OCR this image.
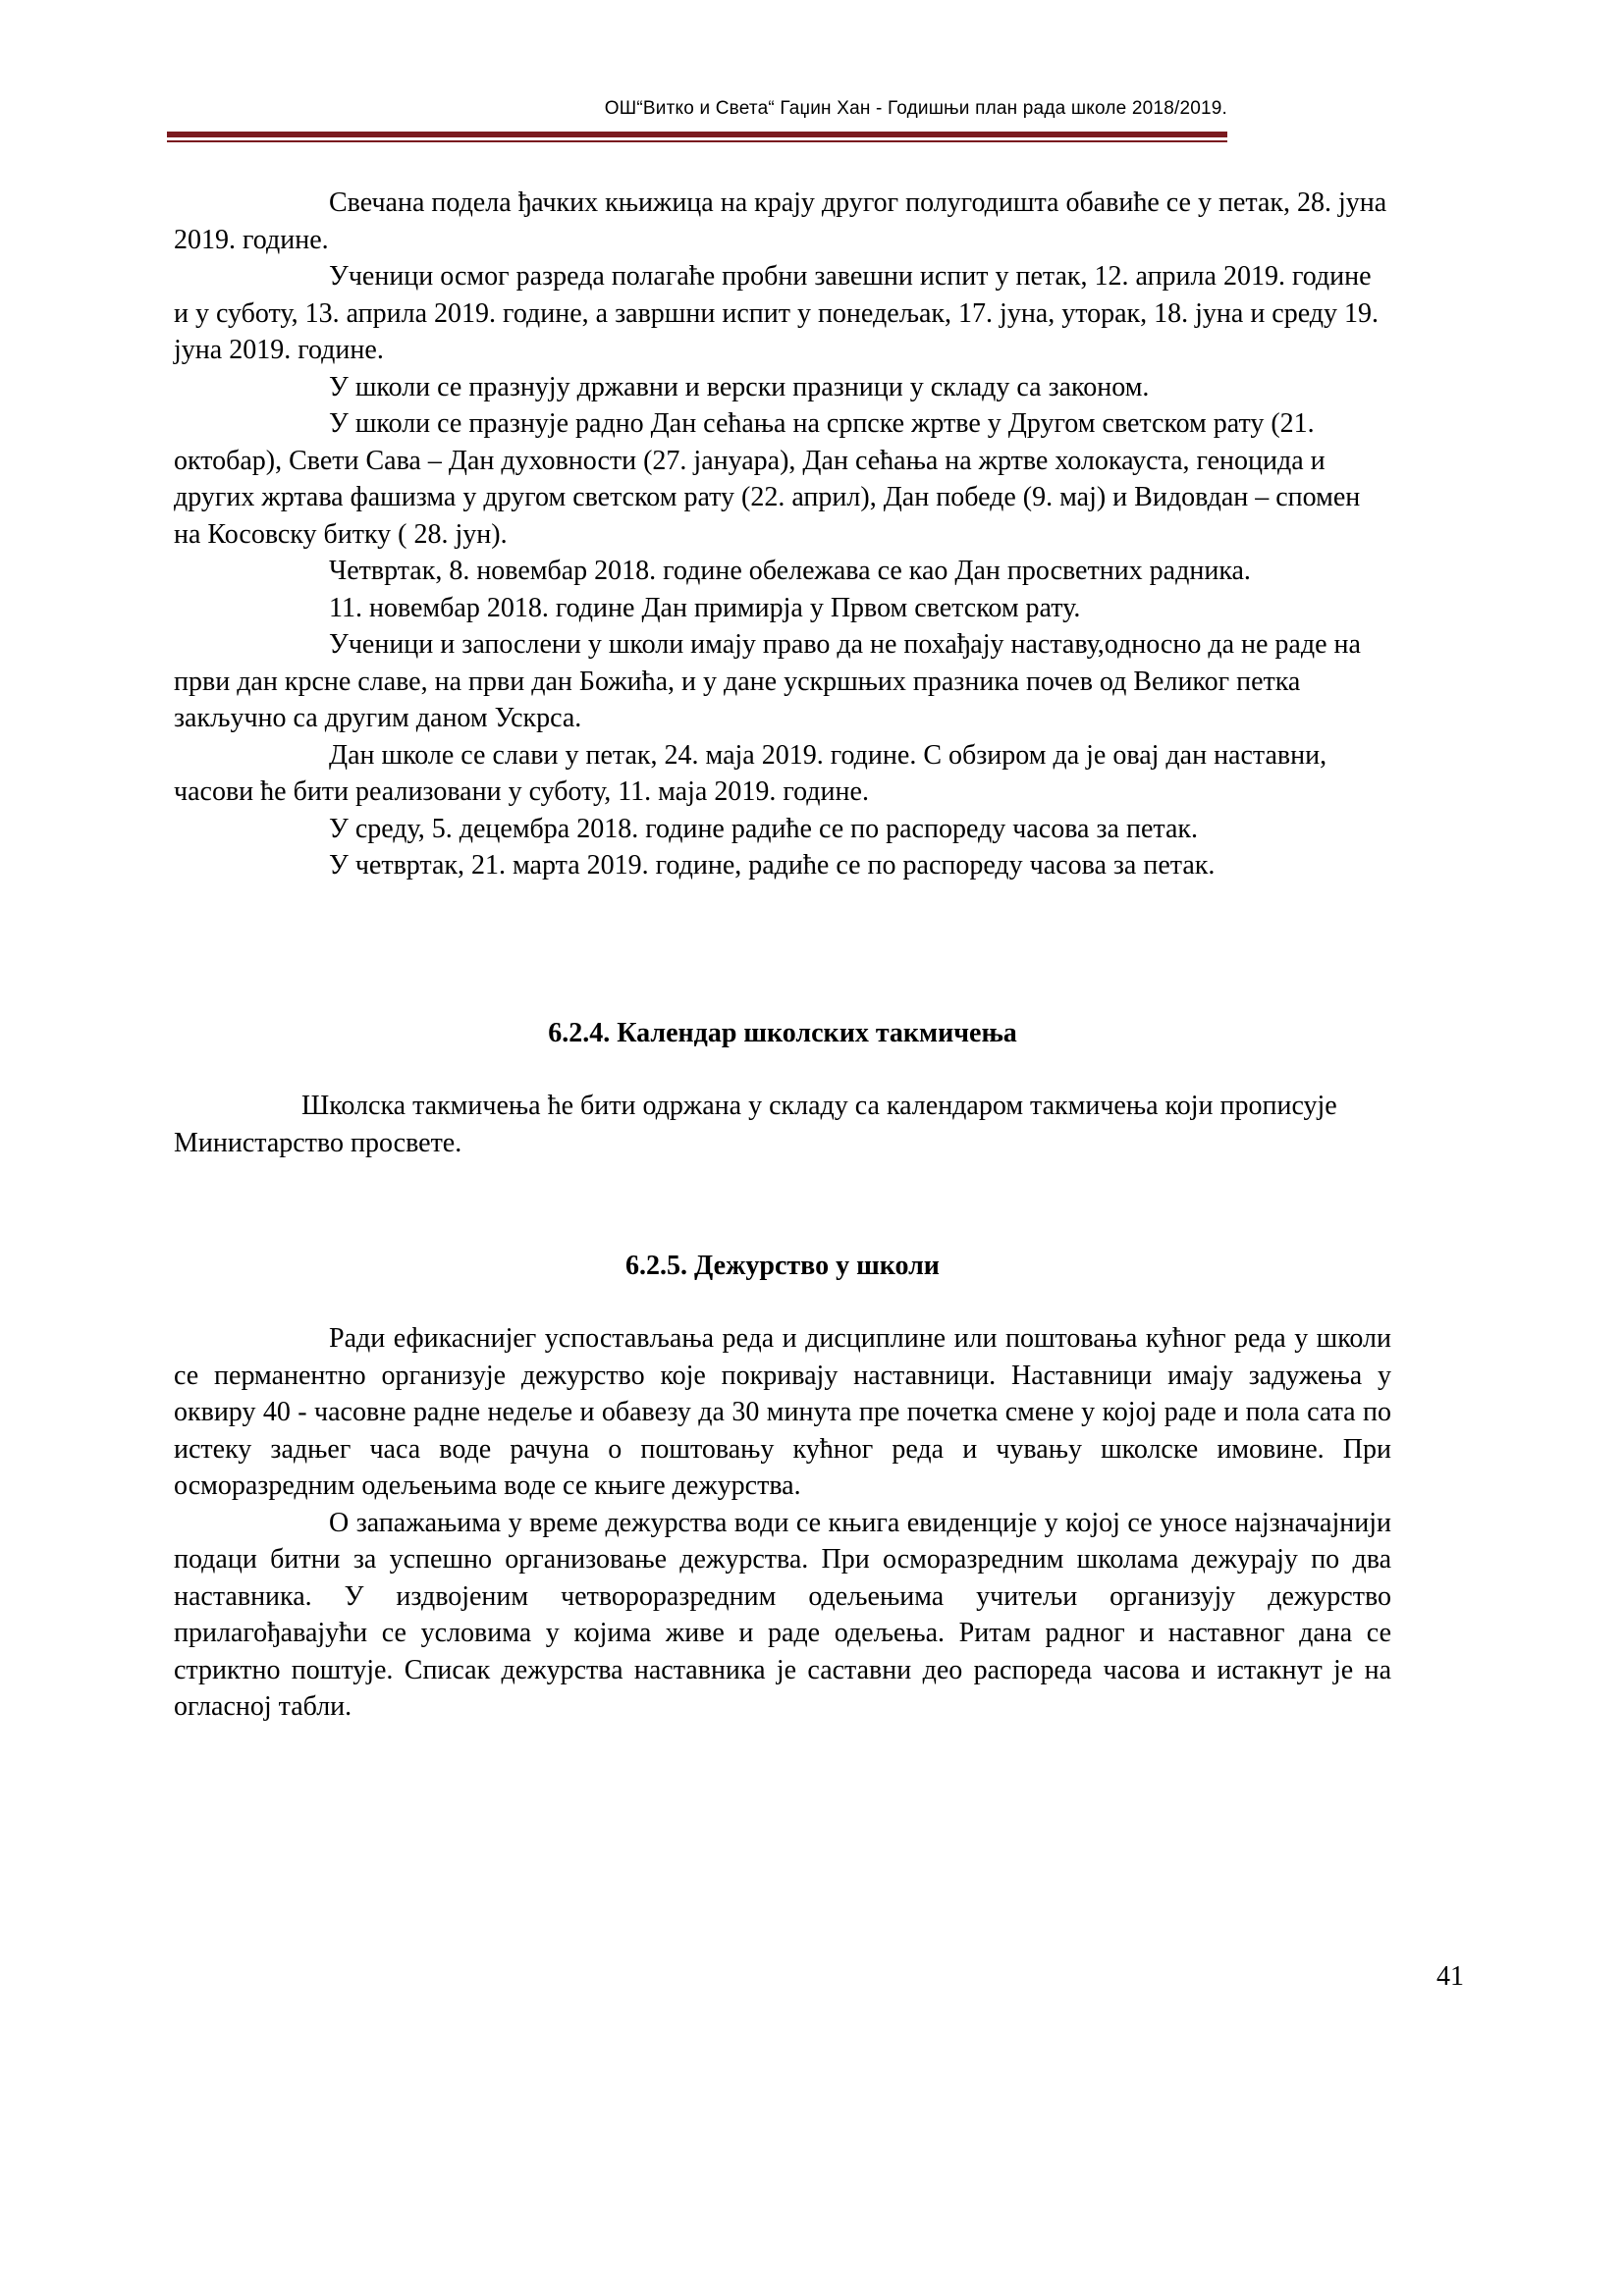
ОШ“Витко и Света“ Гаџин Хан - Годишњи план рада школе 2018/2019.

Свечана подела ђачких књижица на крају другог полугодишта обавиће се у петак, 28. јуна 2019. године.

Ученици осмог разреда полагаће пробни завешни испит у петак, 12. априла 2019. године и у суботу, 13. априла 2019. године, а завршни испит у понедељак, 17. јуна, уторак, 18. јуна и среду 19. јуна 2019. године.

У школи се празнују државни и верски празници у складу са законом.

У школи се празнује радно Дан сећања на српске жртве у Другом светском рату (21. октобар), Свети Сава – Дан духовности (27. јануара), Дан сећања на жртве холокауста, геноцида и других жртава фашизма у другом светском рату (22. април), Дан победе (9. мај) и Видовдан – спомен на Косовску битку ( 28. јун).

Четвртак, 8. новембар 2018. године обележава се као Дан просветних радника.

11. новембар 2018. године Дан примирја у Првом светском рату.

Ученици и запослени у школи имају право да не похађају наставу,односно да не раде на први дан крсне славе, на први дан Божића, и у дане ускршњих празника почев од Великог петка закључно са другим даном Ускрса.

Дан школе се слави у петак, 24. маја 2019. године. С обзиром да је овај дан наставни, часови ће бити реализовани у суботу, 11. маја 2019. године.

У среду, 5. децембра 2018. године радиће се по распореду часова за петак.

У четвртак, 21. марта 2019. године, радиће се по распореду часова за петак.

6.2.4. Календар школских такмичења

Школска такмичења ће бити одржана у складу са календаром такмичења који прописује Министарство просвете.

6.2.5. Дежурство у школи

Ради ефикаснијег успостављања реда и дисциплине или поштовања кућног реда у школи се перманентно организује дежурство које покривају наставници. Наставници имају задужења у оквиру 40 - часовне радне недеље и обавезу да 30 минута пре почетка смене у којој раде и пола сата по истеку задњег часа воде рачуна о поштовању кућног реда и чувању школске имовине. При осморазредним одељењима воде се књиге дежурства.

О запажањима у време дежурства води се књига евиденције у којој се уносе најзначајнији подаци битни за успешно организовање дежурства. При осморазредним школама дежурају по два наставника. У издвојеним четвороразредним одељењима учитељи организују дежурство прилагођавајући се условима у којима живе и раде одељења. Ритам радног и наставног дана се стриктно поштује. Списак дежурства наставника је саставни део распореда часова и истакнут је на огласној табли.

41
